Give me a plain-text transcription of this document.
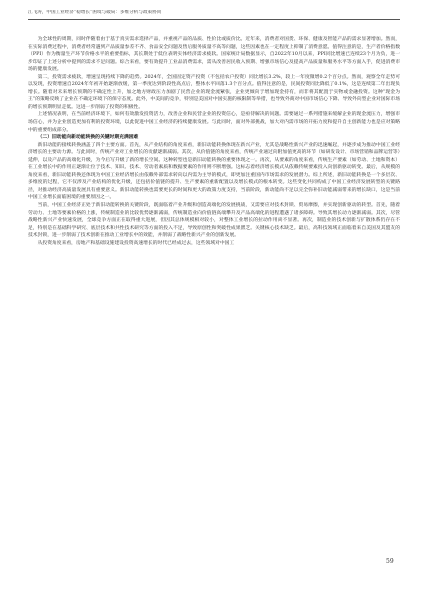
江飞涛，中国工业经济“稳增长”困境与破局：多维分析与政策协同

为全球性的周期，同时伴随着由于基于真实需求选择产品，并重视产品的品质、性价比或质价比。近年来，消费者对国货、环保、健康及智能产品的需求显著增加。然而，在实际消费过程中，消费者经常遇到产品质量参差不齐、食品安全问题及售后服务质量不高等问题，这些因素也在一定程度上抑制了消费意愿。值得注意的是，生产者价格指数（PPI）作为衡量生产环节价格水平的重要指标，其长期处于低位表明实体经济需求疲软。国家统计局数据显示，自2022年10月以来，PPI同比增速已连续23个月为负，进一步印证了上述分析中提到的需求不足问题。综合来看，要有效提升工业品消费需求，需从改善居民收入预期、增强市场信心及提高产品质量和服务水平等方面入手，促进消费市场的健康发展。

第二，投资需求疲软，增速呈现持续下降的趋势。2024年，全国固定资产投资（不包括农户投资）同比增长3.2%，较上一年度微增0.2个百分点。然而，观察全年走势可以发现，投资增速自2024年年初开始逐渐放缓，第一季度达到阶段性高点后，整体水平回落1.3个百分点。值得注意的是，民间投资同比降低了0.1%，这是连续第二年出现负增长。随着对未来增长预期的不确定性上升，加之地方财政压力加剧了民营企业的现金流紧张，企业更倾向于增加现金持有，而非将其配置于实物或金融投资。这种“现金为王”的策略反映了企业在不确定环境下的保守态度。此外，中美间的竞争，特别是美国对中国实施的核限制等举措，也导致外商对中国市场信心下降、导致外向型企业对国际市场的增长预期明显走低。这进一步削弱了投资的积极性。

上述情况表明，在当前经济环境下，如何有效激发投资活力，改善企业和民营企业的投资信心，是亟待解决的问题。需要通过一系列措施来缓解企业的现金流压力，增强市场信心，并为企业创造更加有利的投资环境，以此促进中国工业经济的持续健康发展。与此同时，面对外部挑战，加大对内需市场的开拓力度和提升自主创新能力也是应对策略中的重要组成部分。

（二）旧动能向新动能转换的关键时期充满困难

新旧动能的接续转换涵盖了四个主要方面。首先，从产业结构的角度来看，新旧动能转换体现在新兴产业，尤其是战略性新兴产业的迅速崛起，并逐步成为推动中国工业经济增长的主要动力源。与此同时，传统产业对工业增长的贡献逐渐减弱。其次，从价值链的角度来看，传统产业通过向附加值更高的环节（如研发设计、市场营销和品牌运营等）延伸，以及产品的高端化升级，为今后写升级了新的增长空间。这种转型也是新旧动能转换的重要体现之一。再次，从要素的角度来看，传统生产要素（如劳动、土地和资本）在工业增长中的作用正逐渐让位于技术、知识、技术、劳动者素质和数据要素的作用则不断增强。这标志着经济增长模式从依赖传统要素投入向创新驱动转变。最后，从规模的角度来看，新旧动能转换还体现为中国工业经济增长由依赖外部需求转向以内需为主导的模式，即更加注重国内市场需求的发展潜力。综上所述，新旧动能转换是一个多层次、多维度的过程，它不仅涉及产业结构的优化升级，还包括价值链的提升、生产要素的重新配置以及增长模式的根本转变。这些变化共同构成了中国工业经济发展转型的关键路径，对推动经济高质量发展具有重要意义。新旧动能转换也需要更长的时间和更大的政策力度支持，当前阶段，新动能尚不足以完全弥补旧动能减弱带来的增长缺口，这是当前中国工业增长面临困境的重要原因之一。

当前，中国工业经济正处于新旧动能转换的关键阶段，既面临着产业升级和创造高端化的发展挑战，又需要应对技术封锁、贸易摩擦，并实现创新驱动的转型。首先，随着劳动力、土地等要素价格的上涨，传统制造业的比较优势逐渐减弱，传统制造业向价值链高端攀升及产品高端化的进程遭遇了诸多障碍。导致其增长动力逐渐减弱。其次，尽管战略性新兴产业快速发展，全球竞争方面正在取得重大进展，但因其总体规模相对较小，对整体工业增长的拉动作用尚不显著。再次，制造业的技术创新与扩散体系仍存在不足，特别是在基础科学研究、底层技术和共性技术研究等方面的投入不足，导致原创性和突破性成果匮乏。关键核心技术缺乏。最后，高科技领域正面临着来自美国及其盟友的技术封锁，进一步削弱了技术创新在推动工业增长中的效能，并削弱了战略性新兴产业的创新发展。

从投资角度来看，房地产和基础设施建设投资高速增长的时代已经成过去，这些领域对中国工

59
